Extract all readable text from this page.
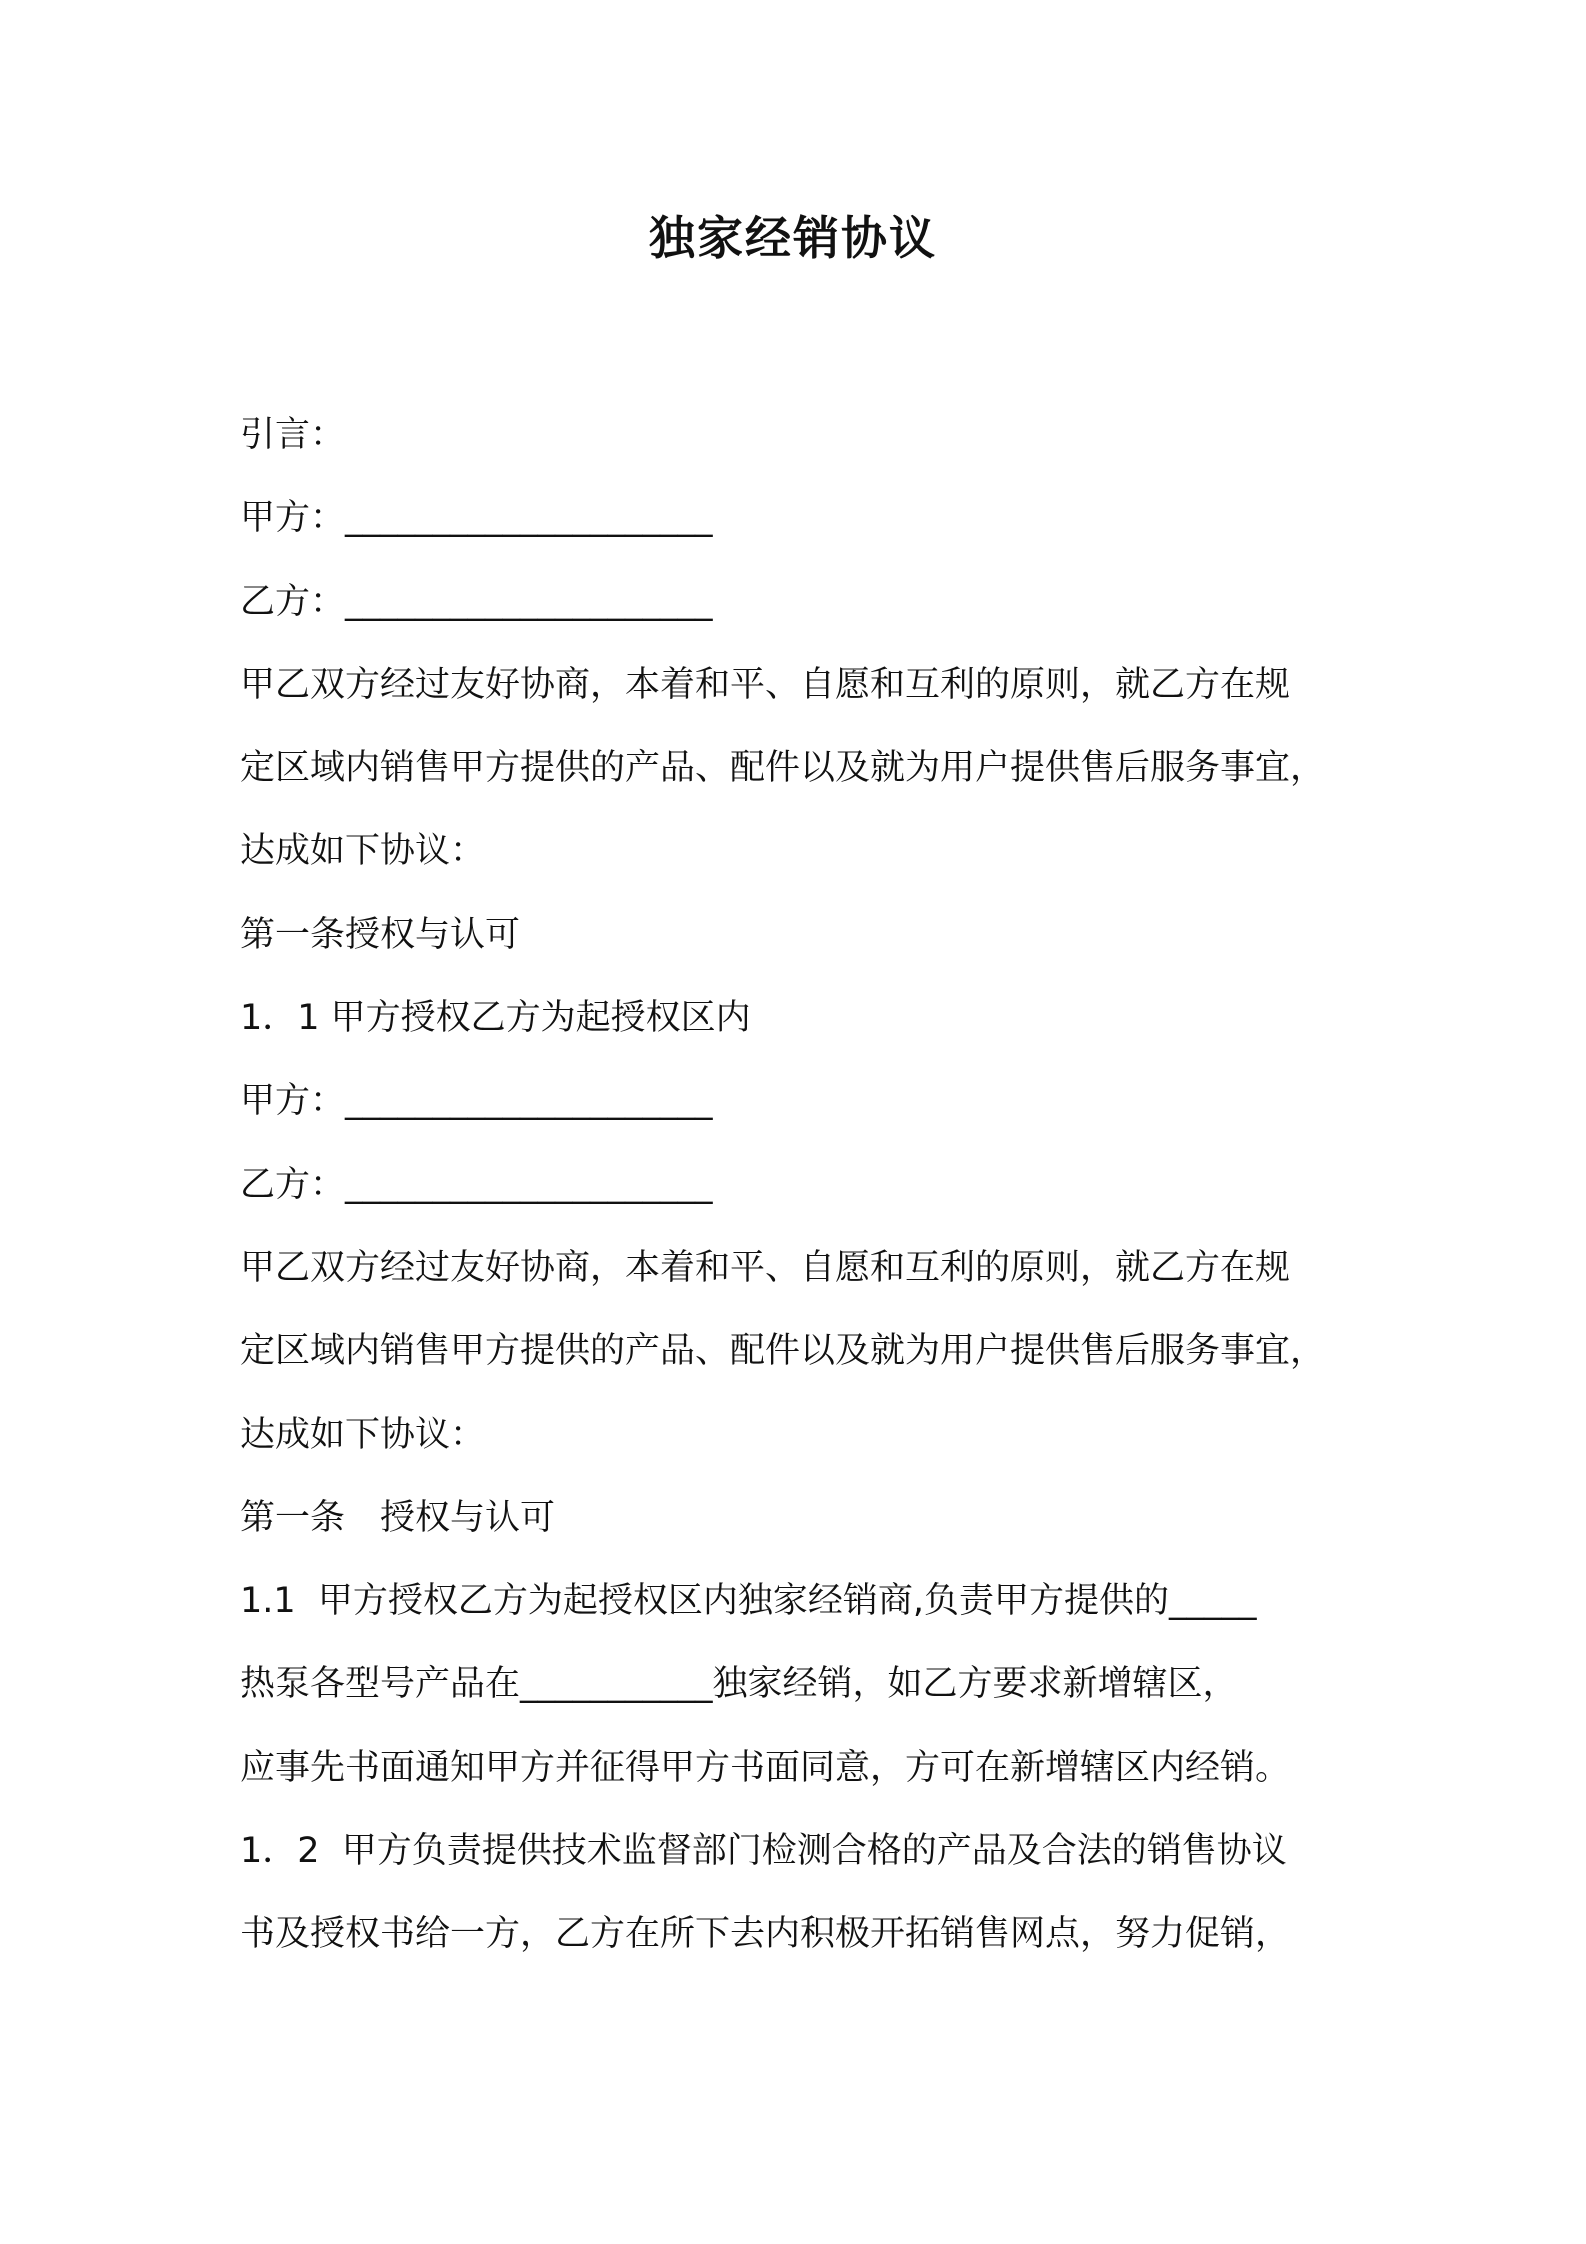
独家经销协议
引言：
甲方：_____________________
乙方：_____________________
甲乙双方经过友好协商，本着和平、自愿和互利的原则，就乙方在规
定区域内销售甲方提供的产品、配件以及就为用户提供售后服务事宜，
达成如下协议：
第一条授权与认可
1．1 甲方授权乙方为起授权区内
甲方：_____________________
乙方：_____________________
甲乙双方经过友好协商，本着和平、自愿和互利的原则，就乙方在规
定区域内销售甲方提供的产品、配件以及就为用户提供售后服务事宜，
达成如下协议：
第一条　授权与认可
1.1  甲方授权乙方为起授权区内独家经销商,负责甲方提供的_____
热泵各型号产品在___________独家经销，如乙方要求新增辖区，
应事先书面通知甲方并征得甲方书面同意，方可在新增辖区内经销。
1．2  甲方负责提供技术监督部门检测合格的产品及合法的销售协议
书及授权书给一方，乙方在所下去内积极开拓销售网点，努力促销，
